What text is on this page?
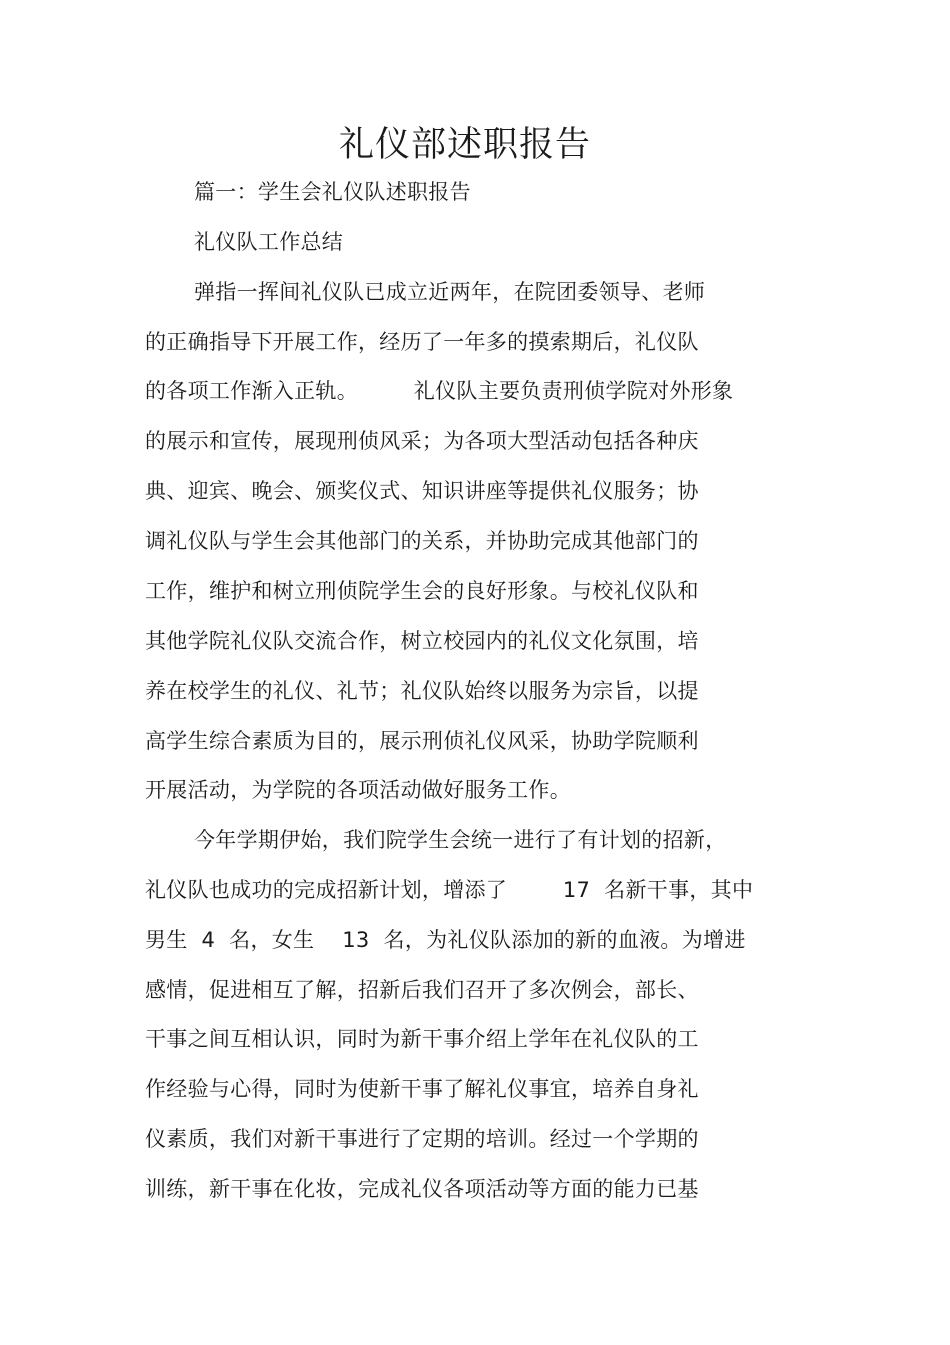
礼仪部述职报告
篇一：学生会礼仪队述职报告
礼仪队工作总结
弹指一挥间礼仪队已成立近两年，在院团委领导、老师
的正确指导下开展工作，经历了一年多的摸索期后，礼仪队
的各项工作渐入正轨。        礼仪队主要负责刑侦学院对外形象
的展示和宣传，展现刑侦风采；为各项大型活动包括各种庆
典、迎宾、晚会、颁奖仪式、知识讲座等提供礼仪服务；协
调礼仪队与学生会其他部门的关系，并协助完成其他部门的
工作，维护和树立刑侦院学生会的良好形象。与校礼仪队和
其他学院礼仪队交流合作，树立校园内的礼仪文化氛围，培
养在校学生的礼仪、礼节；礼仪队始终以服务为宗旨，以提
高学生综合素质为目的，展示刑侦礼仪风采，协助学院顺利
开展活动，为学院的各项活动做好服务工作。
今年学期伊始，我们院学生会统一进行了有计划的招新，
礼仪队也成功的完成招新计划，增添了        17  名新干事，其中
男生  4  名，女生    13  名，为礼仪队添加的新的血液。为增进
感情，促进相互了解，招新后我们召开了多次例会，部长、
干事之间互相认识，同时为新干事介绍上学年在礼仪队的工
作经验与心得，同时为使新干事了解礼仪事宜，培养自身礼
仪素质，我们对新干事进行了定期的培训。经过一个学期的
训练，新干事在化妆，完成礼仪各项活动等方面的能力已基
